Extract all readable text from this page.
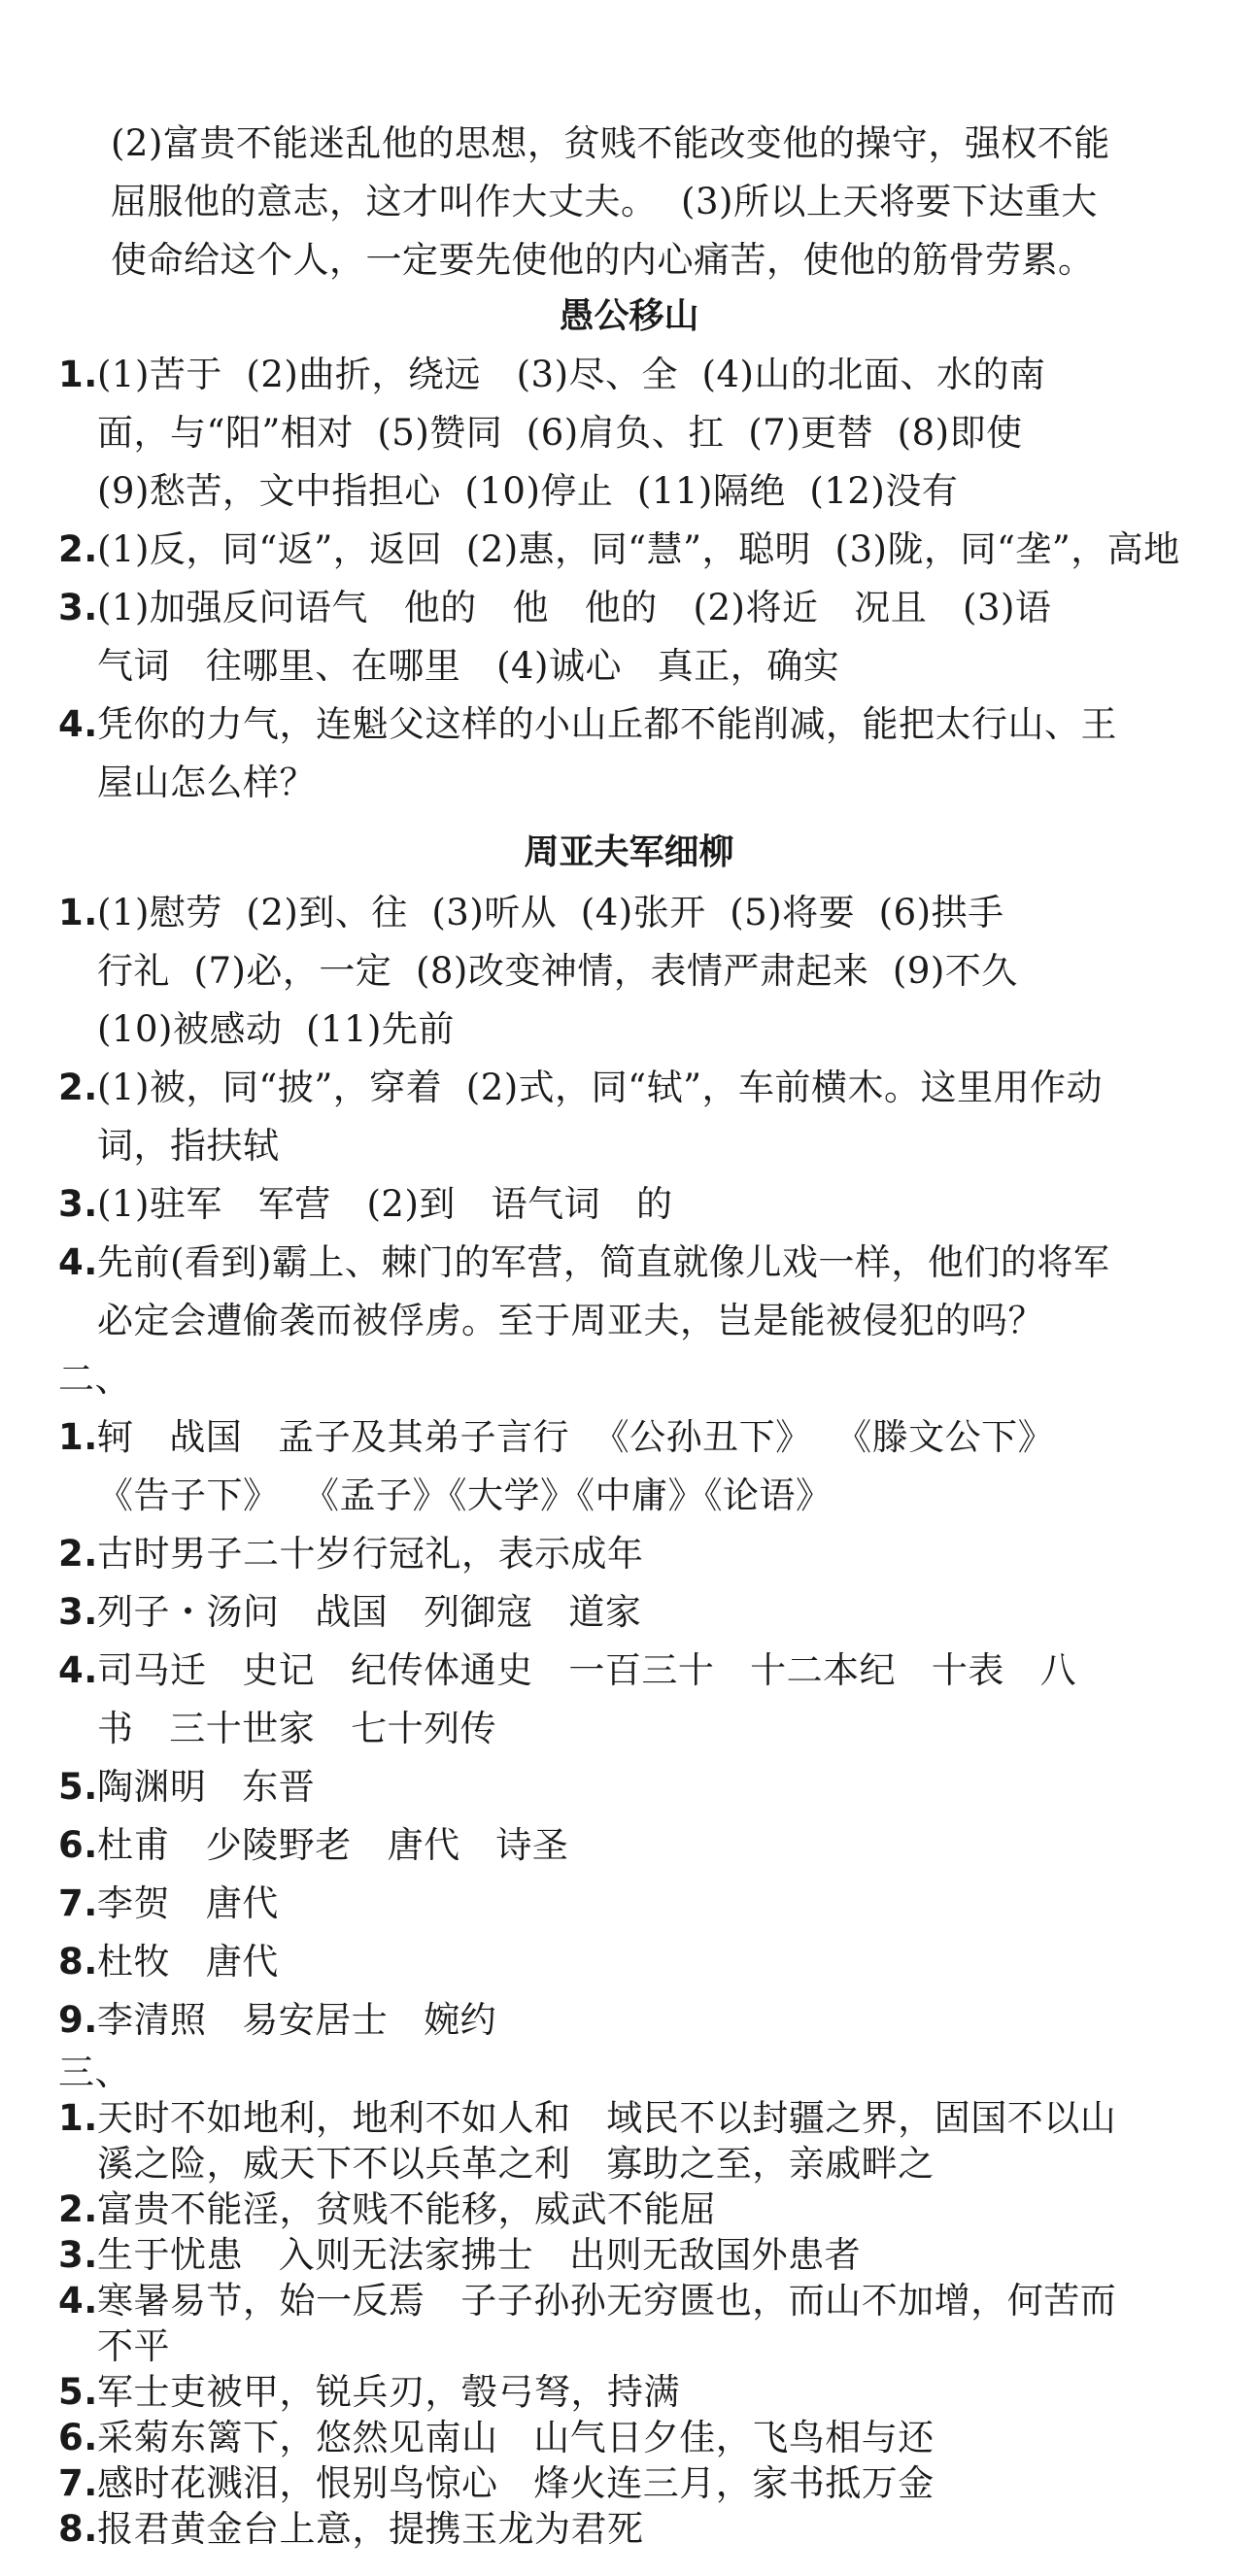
(2)富贵不能迷乱他的思想，贫贱不能改变他的操守，强权不能
屈服他的意志，这才叫作大丈夫。  (3)所以上天将要下达重大
使命给这个人，一定要先使他的内心痛苦，使他的筋骨劳累。
愚公移山
1. (1)苦于  (2)曲折，绕远   (3)尽、全  (4)山的北面、水的南
面，与“阳”相对  (5)赞同  (6)肩负、扛  (7)更替  (8)即使
(9)愁苦，文中指担心  (10)停止  (11)隔绝  (12)没有
2. (1)反，同“返”，返回  (2)惠，同“慧”，聪明  (3)陇，同“垄”，高地
3. (1)加强反问语气   他的   他   他的   (2)将近   况且   (3)语
气词   往哪里、在哪里   (4)诚心   真正，确实
4. 凭你的力气，连魁父这样的小山丘都不能削减，能把太行山、王
屋山怎么样？
周亚夫军细柳
1. (1)慰劳  (2)到、往  (3)听从  (4)张开  (5)将要  (6)拱手
行礼  (7)必，一定  (8)改变神情，表情严肃起来  (9)不久
(10)被感动  (11)先前
2. (1)被，同“披”，穿着  (2)式，同“轼”，车前横木。这里用作动
词，指扶轼
3. (1)驻军   军营   (2)到   语气词   的
4. 先前(看到)霸上、棘门的军营，简直就像儿戏一样，他们的将军
必定会遭偷袭而被俘虏。至于周亚夫，岂是能被侵犯的吗？
二、
1. 轲   战国   孟子及其弟子言行  《公孙丑下》  《滕文公下》
《告子下》  《孟子》《大学》《中庸》《论语》
2. 古时男子二十岁行冠礼，表示成年
3. 列子・汤问   战国   列御寇   道家
4. 司马迁   史记   纪传体通史   一百三十   十二本纪   十表   八
书   三十世家   七十列传
5. 陶渊明   东晋
6. 杜甫   少陵野老   唐代   诗圣
7. 李贺   唐代
8. 杜牧   唐代
9. 李清照   易安居士   婉约
三、
1. 天时不如地利，地利不如人和   域民不以封疆之界，固国不以山
溪之险，威天下不以兵革之利   寡助之至，亲戚畔之
2. 富贵不能淫，贫贱不能移，威武不能屈
3. 生于忧患   入则无法家拂士   出则无敌国外患者
4. 寒暑易节，始一反焉   子子孙孙无穷匮也，而山不加增，何苦而
不平
5. 军士吏被甲，锐兵刃，彀弓弩，持满
6. 采菊东篱下，悠然见南山   山气日夕佳，飞鸟相与还
7. 感时花溅泪，恨别鸟惊心   烽火连三月，家书抵万金
8. 报君黄金台上意，提携玉龙为君死
